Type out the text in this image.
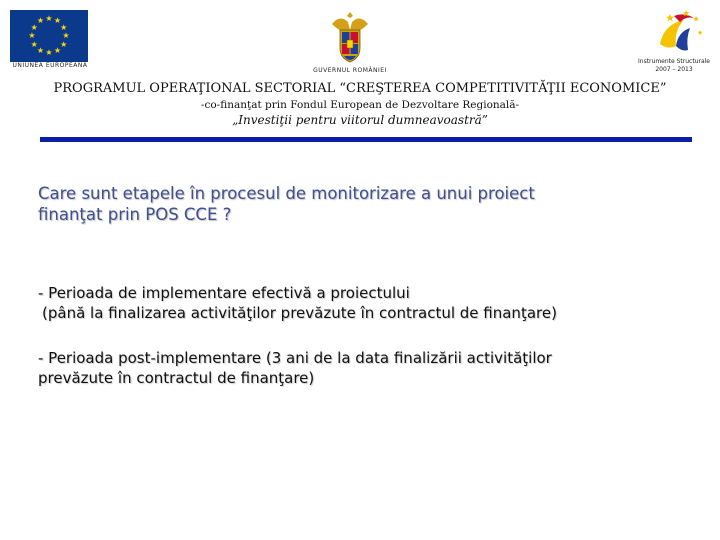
★ ★
★
★
★
★
★
★
★
★
★
★
UNIUNEA EUROPEANĂ
GUVERNUL ROMÂNIEI
Instrumente Structurale
2007 – 2013
PROGRAMUL OPERAŢIONAL SECTORIAL “CREŞTEREA COMPETITIVITĂŢII ECONOMICE”
-co-finanţat prin Fondul European de Dezvoltare Regională-
„Investiţii pentru viitorul dumneavoastră”
Care sunt etapele în procesul de monitorizare a unui proiect
finanţat prin POS CCE ?
- Perioada de implementare efectivă a proiectului
(până la finalizarea activităţilor prevăzute în contractul de finanţare)
- Perioada post-implementare (3 ani de la data finalizării activităţilor
prevăzute în contractul de finanţare)
